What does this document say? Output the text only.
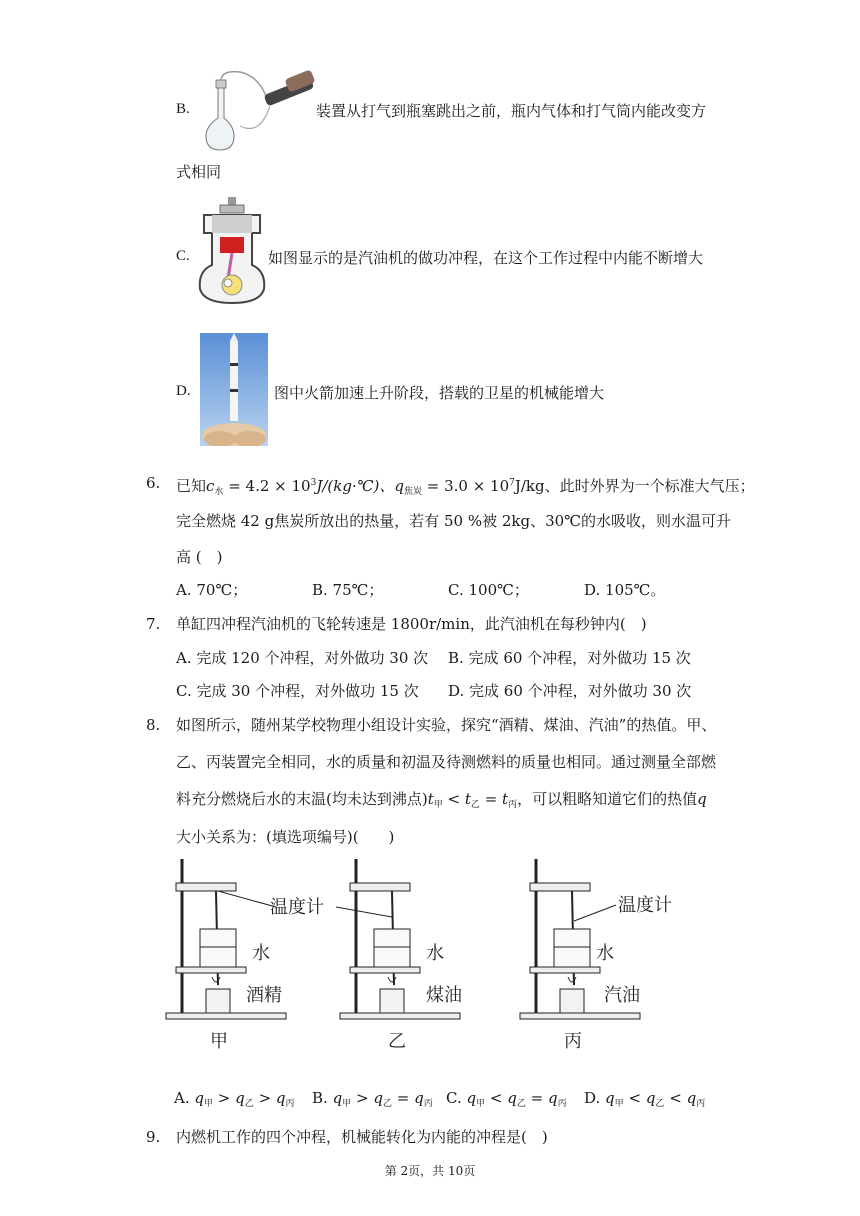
B.	装置从打气到瓶塞跳出之前，瓶内气体和打气筒内能改变方
式相同
C.	如图显示的是汽油机的做功冲程，在这个工作过程中内能不断增大
D.	图中火箭加速上升阶段，搭载的卫星的机械能增大
6. 已知$c_水 = 4.2$ × $10^3J/(kg\cdot℃)$、$q_{焦炭} = 3.0 \times 10^7J/kg$、此时外界为一个标准大气压；
完全燃烧 42 g焦炭所放出的热量，若有 50 %被 2kg、30℃的水吸收，则水温可升
高 (　)
A. 70℃；	B. 75℃；	C. 100℃；	D. 105℃。
7. 单缸四冲程汽油机的飞轮转速是 1800r/min，此汽油机在每秒钟内(　)
A. 完成 120 个冲程，对外做功 30 次 B. 完成 60 个冲程，对外做功 15 次
C. 完成 30 个冲程，对外做功 15 次 D. 完成 60 个冲程，对外做功 30 次
8. 如图所示，随州某学校物理小组设计实验，探究“酒精、煤油、汽油”的热值。甲、
乙、丙装置完全相同，水的质量和初温及待测燃料的质量也相同。通过测量全部燃
料充分燃烧后水的末温(均未达到沸点)$t_甲 < t_乙 = t_丙$，可以粗略知道它们的热值q
大小关系为：(填选项编号)(　　)
温度计
水
酒精
甲
水
煤油
乙
温度计
水
汽油
丙
A. $q_甲 > q_乙 > q_丙$ B. $q_甲 > q_乙 = q_丙$ C. $q_甲 < q_乙 = q_丙$ D. $q_甲 < q_乙 < q_丙$
9. 内燃机工作的四个冲程，机械能转化为内能的冲程是(　)
第 2页，共 10页
